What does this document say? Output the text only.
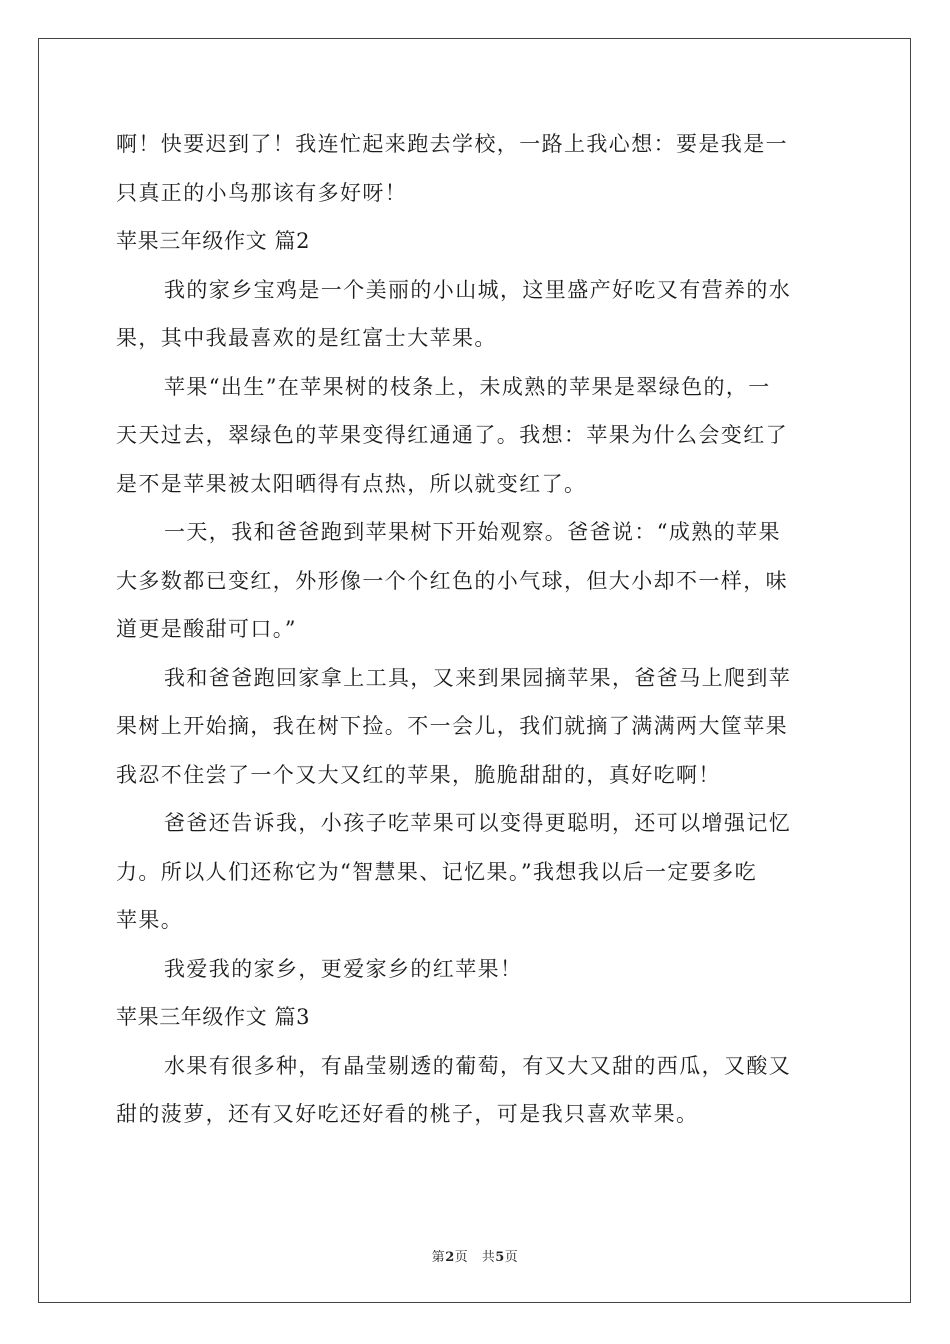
啊！快要迟到了！我连忙起来跑去学校，一路上我心想：要是我是一
只真正的小鸟那该有多好呀！
苹果三年级作文 篇2
我的家乡宝鸡是一个美丽的小山城，这里盛产好吃又有营养的水
果，其中我最喜欢的是红富士大苹果。
苹果“出生”在苹果树的枝条上，未成熟的苹果是翠绿色的，一
天天过去，翠绿色的苹果变得红通通了。我想：苹果为什么会变红了
是不是苹果被太阳晒得有点热，所以就变红了。
一天，我和爸爸跑到苹果树下开始观察。爸爸说：“成熟的苹果
大多数都已变红，外形像一个个红色的小气球，但大小却不一样，味
道更是酸甜可口。”
我和爸爸跑回家拿上工具，又来到果园摘苹果，爸爸马上爬到苹
果树上开始摘，我在树下捡。不一会儿，我们就摘了满满两大筐苹果
我忍不住尝了一个又大又红的苹果，脆脆甜甜的，真好吃啊！
爸爸还告诉我，小孩子吃苹果可以变得更聪明，还可以增强记忆
力。所以人们还称它为“智慧果、记忆果。”我想我以后一定要多吃
苹果。
我爱我的家乡，更爱家乡的红苹果！
苹果三年级作文 篇3
水果有很多种，有晶莹剔透的葡萄，有又大又甜的西瓜，又酸又
甜的菠萝，还有又好吃还好看的桃子，可是我只喜欢苹果。
第2页　共5页
